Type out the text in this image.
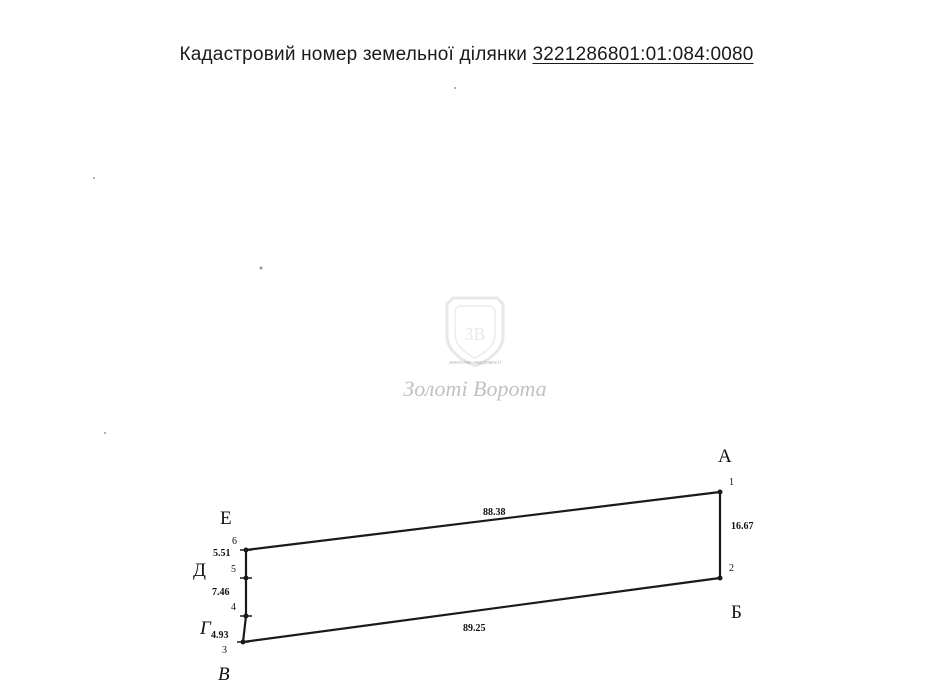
Кадастровий номер земельної ділянки 3221286801:01:084:0080
ЗВ
агентство нерухомості
Золоті Ворота
А
Б
В
Г
Д
Е
1
2
3
4
5
6
88.38
16.67
89.25
4.93
7.46
5.51
